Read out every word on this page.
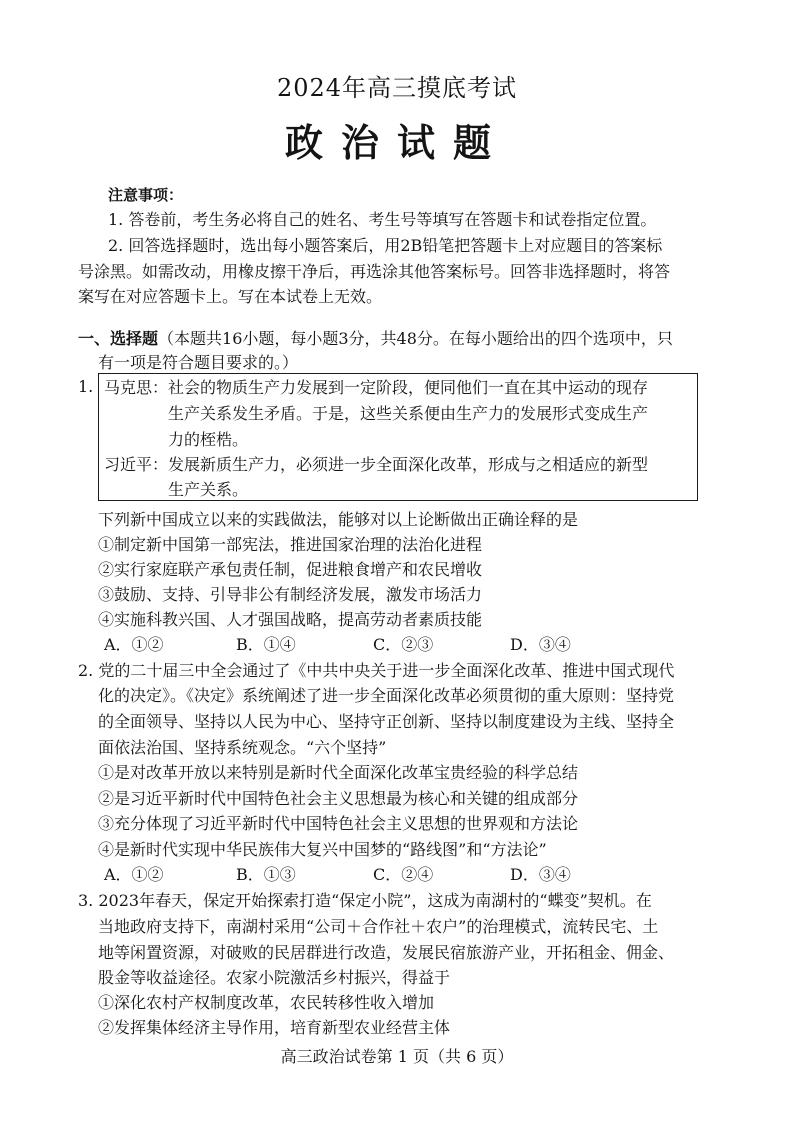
2024年高三摸底考试
政治试题
注意事项：
1. 答卷前，考生务必将自己的姓名、考生号等填写在答题卡和试卷指定位置。
2. 回答选择题时，选出每小题答案后，用2B铅笔把答题卡上对应题目的答案标
号涂黑。如需改动，用橡皮擦干净后，再选涂其他答案标号。回答非选择题时，将答
案写在对应答题卡上。写在本试卷上无效。
一、选择题（本题共16小题，每小题3分，共48分。在每小题给出的四个选项中，只
有一项是符合题目要求的。）
1. 马克思： 社会的物质生产力发展到一定阶段，便同他们一直在其中运动的现存
生产关系发生矛盾。于是，这些关系便由生产力的发展形式变成生产
力的桎梏。
习近平： 发展新质生产力，必须进一步全面深化改革，形成与之相适应的新型
生产关系。
下列新中国成立以来的实践做法，能够对以上论断做出正确诠释的是
①制定新中国第一部宪法，推进国家治理的法治化进程
②实行家庭联产承包责任制，促进粮食增产和农民增收
③鼓励、支持、引导非公有制经济发展，激发市场活力
④实施科教兴国、人才强国战略，提高劳动者素质技能
A．①②	B．①④	C．②③	D．③④
2. 党的二十届三中全会通过了《中共中央关于进一步全面深化改革、推进中国式现代
化的决定》。《决定》系统阐述了进一步全面深化改革必须贯彻的重大原则：坚持党
的全面领导、坚持以人民为中心、坚持守正创新、坚持以制度建设为主线、坚持全
面依法治国、坚持系统观念。“六个坚持”
①是对改革开放以来特别是新时代全面深化改革宝贵经验的科学总结
②是习近平新时代中国特色社会主义思想最为核心和关键的组成部分
③充分体现了习近平新时代中国特色社会主义思想的世界观和方法论
④是新时代实现中华民族伟大复兴中国梦的“路线图”和“方法论”
A．①②	B．①③	C．②④	D．③④
3. 2023年春天，保定开始探索打造“保定小院”，这成为南湖村的“蝶变”契机。在
当地政府支持下，南湖村采用“公司＋合作社＋农户”的治理模式，流转民宅、土
地等闲置资源，对破败的民居群进行改造，发展民宿旅游产业，开拓租金、佣金、
股金等收益途径。农家小院激活乡村振兴，得益于
①深化农村产权制度改革，农民转移性收入增加
②发挥集体经济主导作用，培育新型农业经营主体
高三政治试卷第 1 页（共 6 页）
